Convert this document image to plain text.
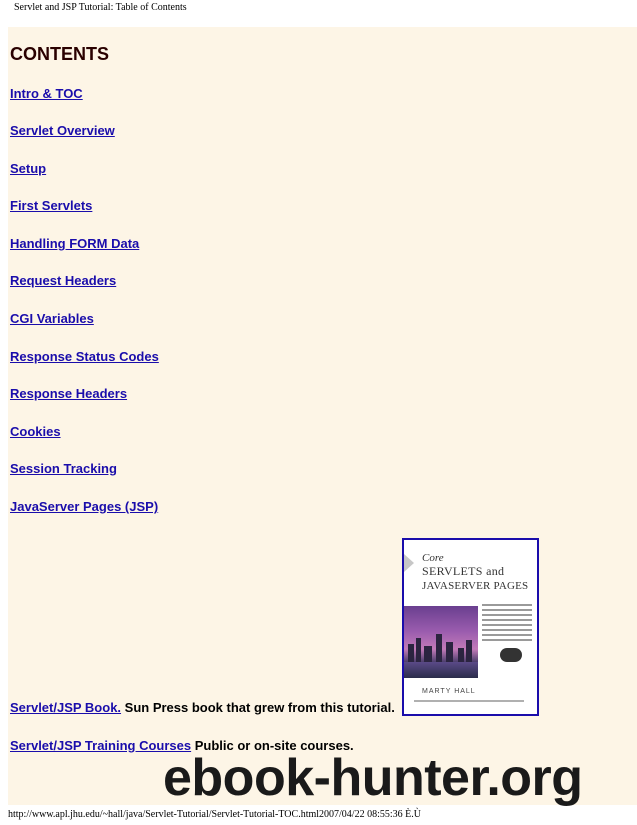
Servlet and JSP Tutorial: Table of Contents
CONTENTS
Intro & TOC
Servlet Overview
Setup
First Servlets
Handling FORM Data
Request Headers
CGI Variables
Response Status Codes
Response Headers
Cookies
Session Tracking
JavaServer Pages (JSP)
Core
SERVLETS and
JAVASERVER PAGES
MARTY HALL
Servlet/JSP Book. Sun Press book that grew from this tutorial.
Servlet/JSP Training Courses Public or on-site courses.
ebook-hunter.org
http://www.apl.jhu.edu/~hall/java/Servlet-Tutorial/Servlet-Tutorial-TOC.html2007/04/22 08:55:36 È.Ù
